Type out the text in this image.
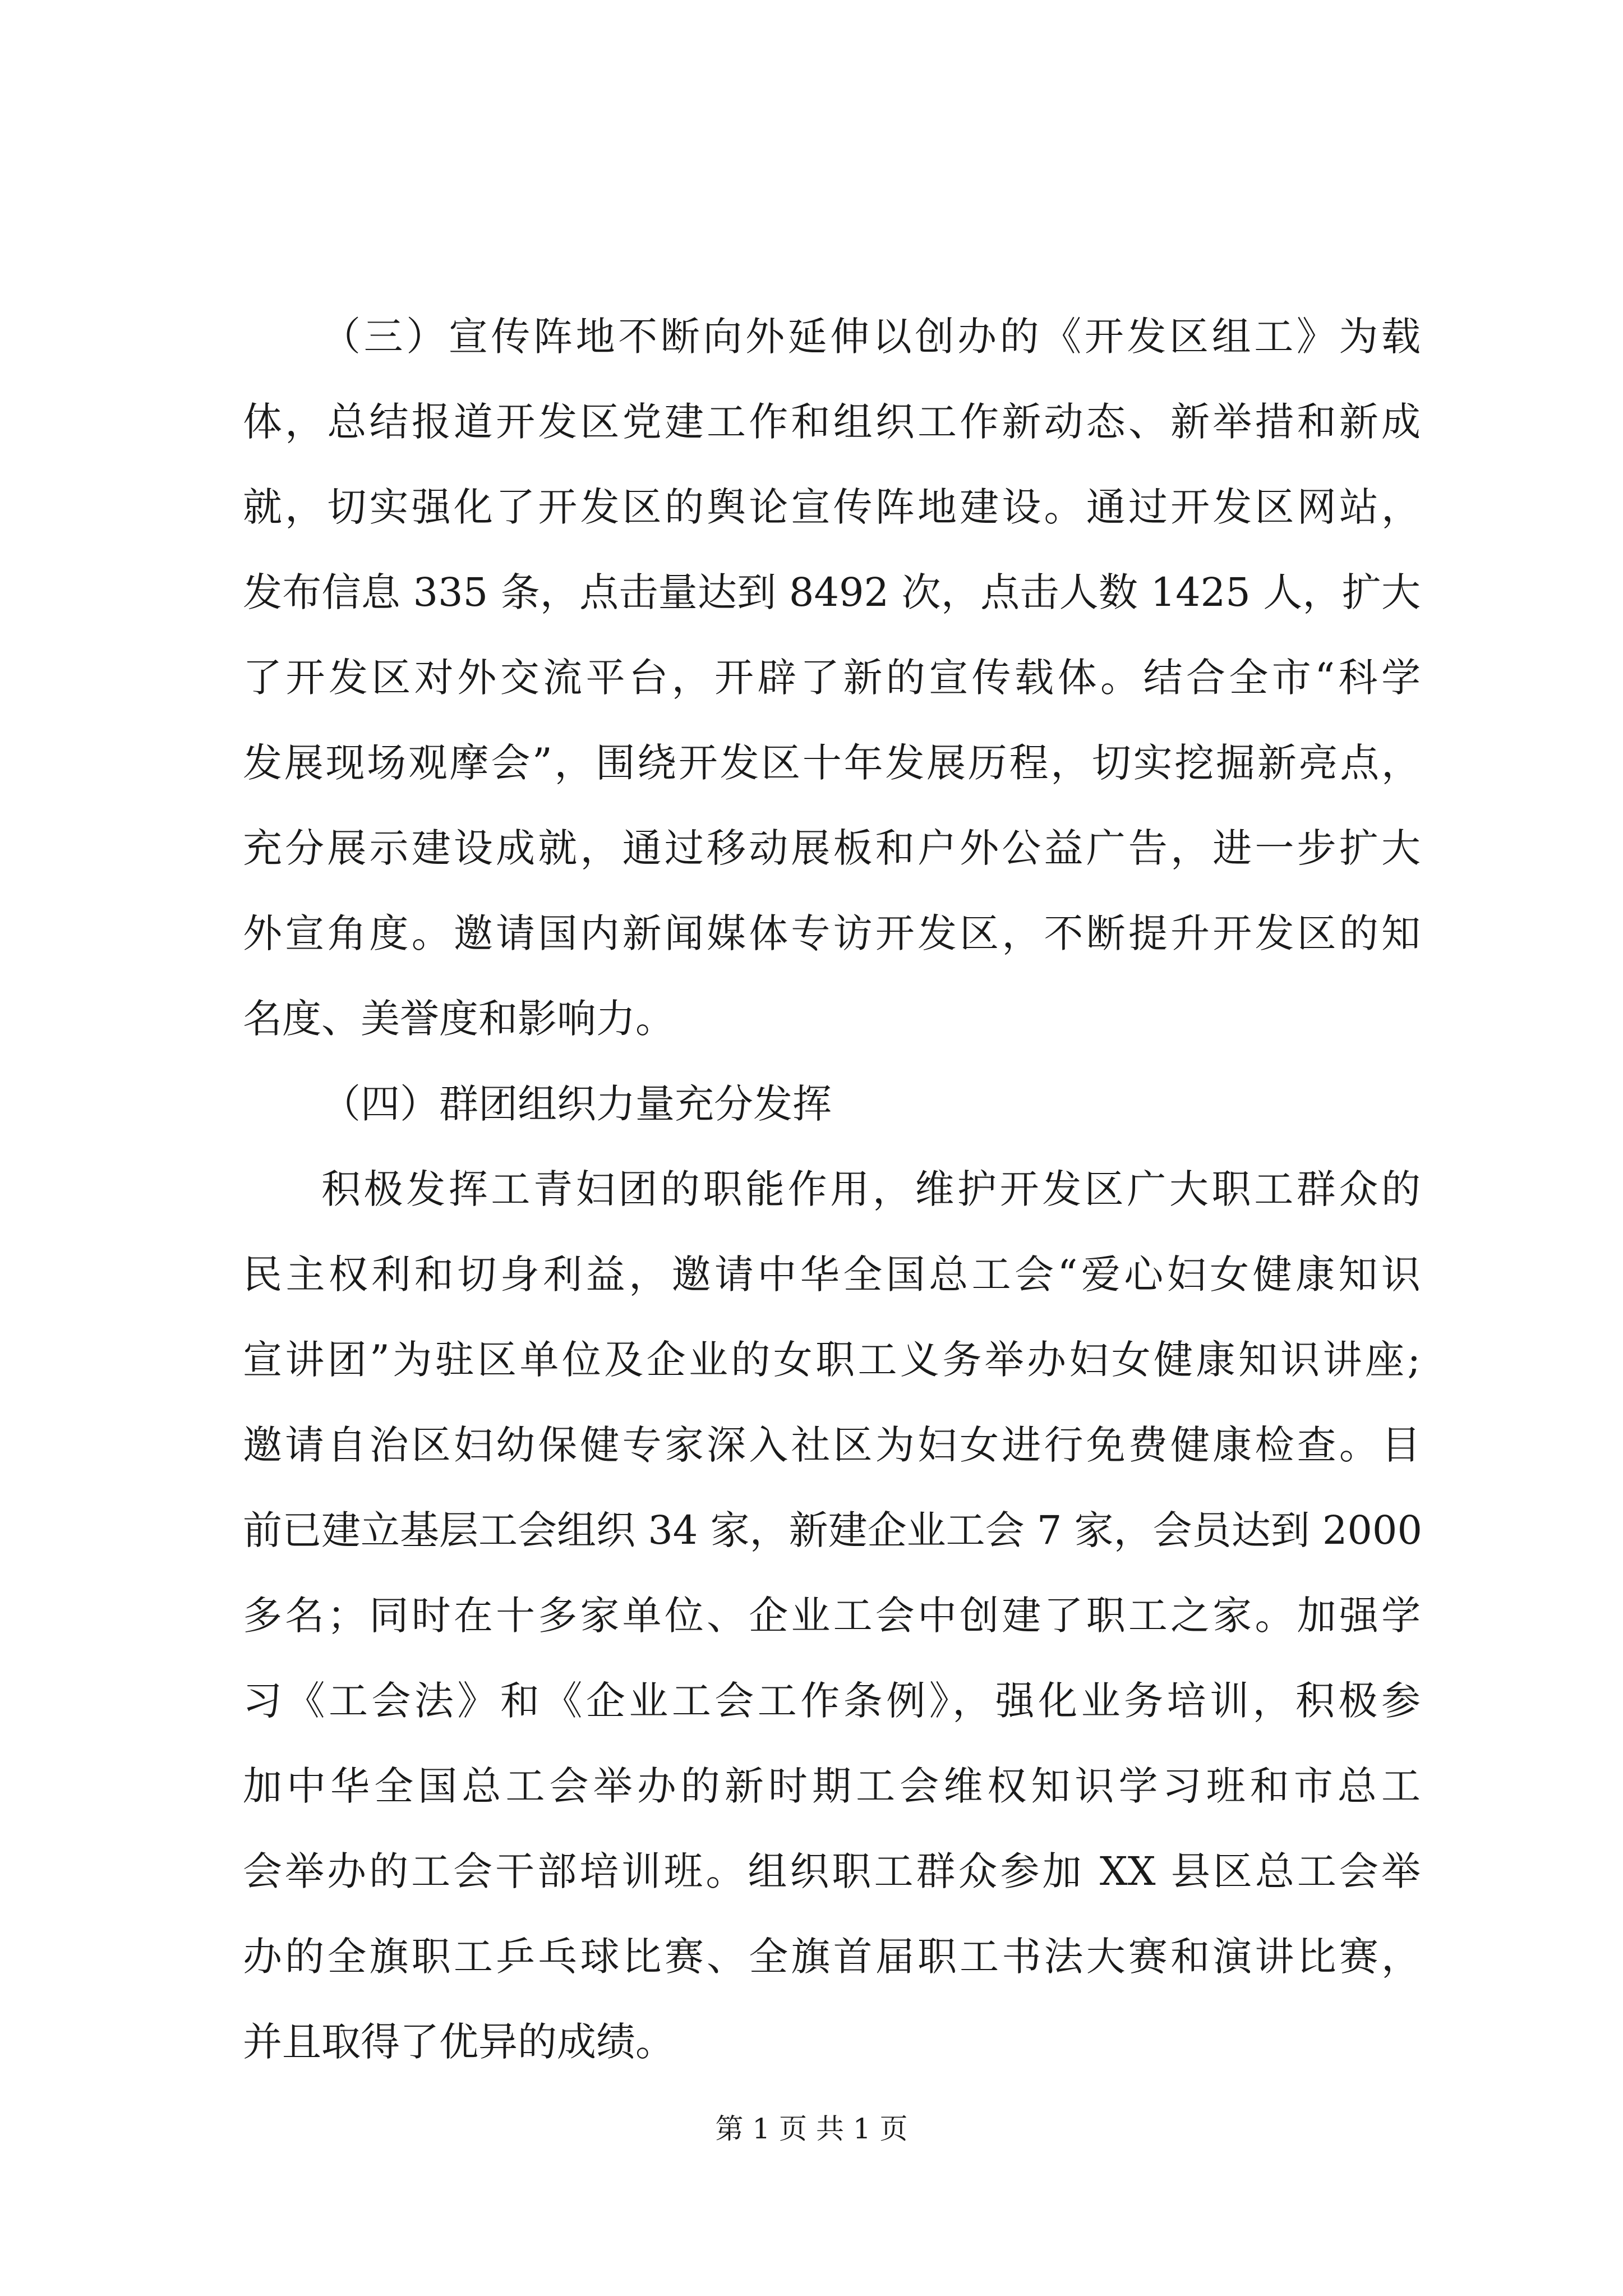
（三）宣传阵地不断向外延伸以创办的《开发区组工》为载
体，总结报道开发区党建工作和组织工作新动态、新举措和新成
就，切实强化了开发区的舆论宣传阵地建设。通过开发区网站，
发布信息 335 条，点击量达到 8492 次，点击人数 1425 人，扩大
了开发区对外交流平台，开辟了新的宣传载体。结合全市“科学
发展现场观摩会”，围绕开发区十年发展历程，切实挖掘新亮点，
充分展示建设成就，通过移动展板和户外公益广告，进一步扩大
外宣角度。邀请国内新闻媒体专访开发区，不断提升开发区的知
名度、美誉度和影响力。
（四）群团组织力量充分发挥
积极发挥工青妇团的职能作用，维护开发区广大职工群众的
民主权利和切身利益，邀请中华全国总工会“爱心妇女健康知识
宣讲团”为驻区单位及企业的女职工义务举办妇女健康知识讲座;
邀请自治区妇幼保健专家深入社区为妇女进行免费健康检查。目
前已建立基层工会组织 34 家，新建企业工会 7 家，会员达到 2000
多名；同时在十多家单位、企业工会中创建了职工之家。加强学
习《工会法》和《企业工会工作条例》，强化业务培训，积极参
加中华全国总工会举办的新时期工会维权知识学习班和市总工
会举办的工会干部培训班。组织职工群众参加 XX 县区总工会举
办的全旗职工乒乓球比赛、全旗首届职工书法大赛和演讲比赛，
并且取得了优异的成绩。
第 1 页 共 1 页
